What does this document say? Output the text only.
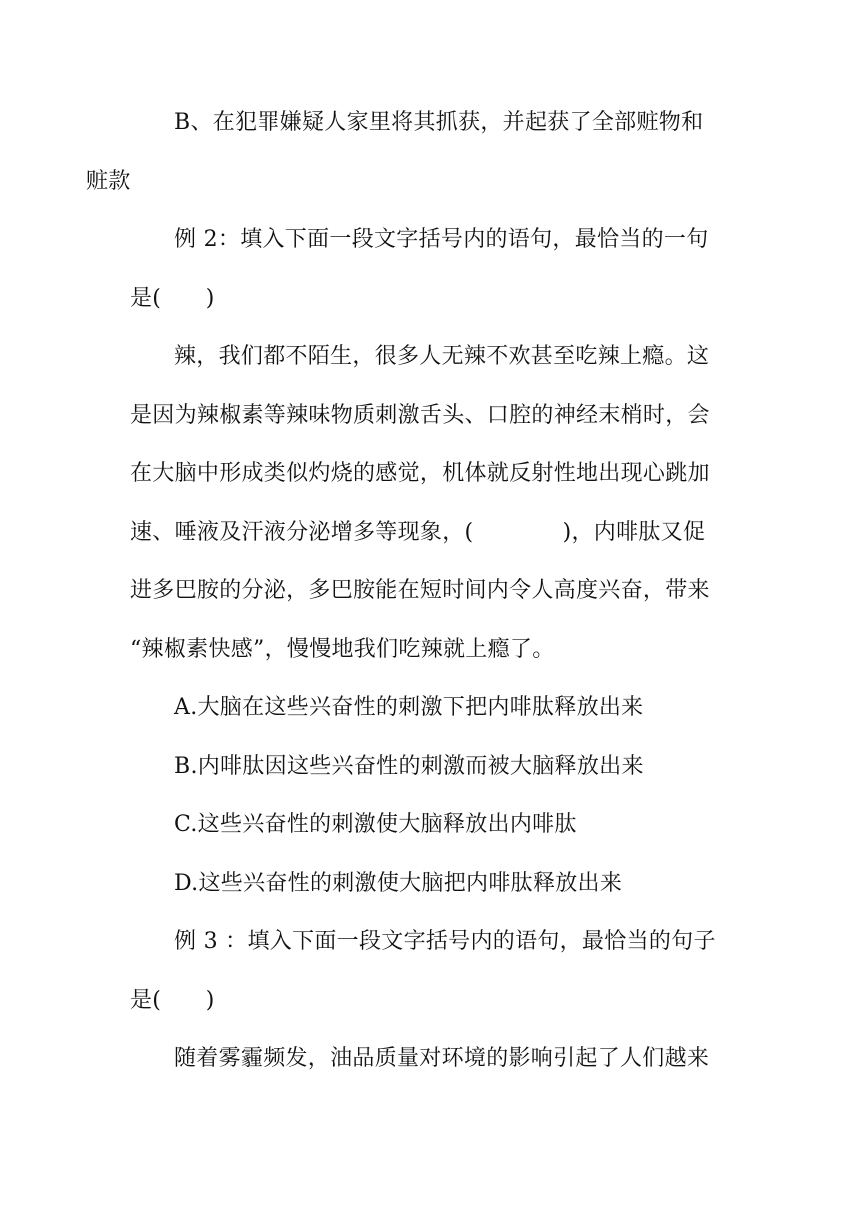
B、在犯罪嫌疑人家里将其抓获，并起获了全部赃物和
赃款

例 2：填入下面一段文字括号内的语句，最恰当的一句
是(　　)

辣，我们都不陌生，很多人无辣不欢甚至吃辣上瘾。这
是因为辣椒素等辣味物质刺激舌头、口腔的神经末梢时，会
在大脑中形成类似灼烧的感觉，机体就反射性地出现心跳加
速、唾液及汗液分泌增多等现象，(　　　　)，内啡肽又促
进多巴胺的分泌，多巴胺能在短时间内令人高度兴奋，带来
“辣椒素快感”，慢慢地我们吃辣就上瘾了。

A.大脑在这些兴奋性的刺激下把内啡肽释放出来

B.内啡肽因这些兴奋性的刺激而被大脑释放出来

C.这些兴奋性的刺激使大脑释放出内啡肽

D.这些兴奋性的刺激使大脑把内啡肽释放出来

例 3 ：填入下面一段文字括号内的语句，最恰当的句子
是(　　)

随着雾霾频发，油品质量对环境的影响引起了人们越来
